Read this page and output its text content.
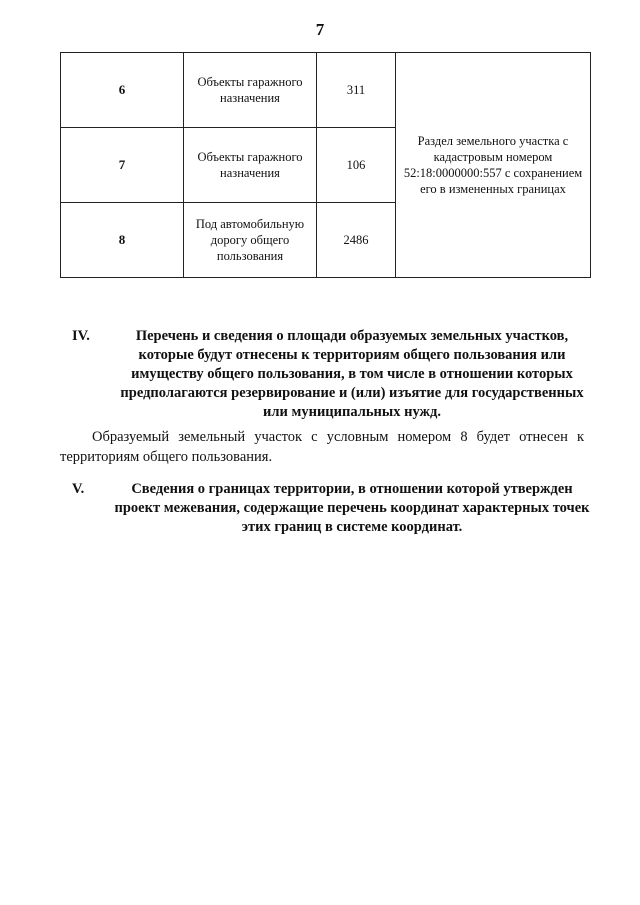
7
6	Объекты гаражного назначения	311	Раздел земельного участка с кадастровым номером 52:18:0000000:557 с сохранением его в измененных границах
7	Объекты гаражного назначения	106	
8	Под автомобильную дорогу общего пользования	2486	
IV.	Перечень и сведения о площади образуемых земельных участков, которые будут отнесены к территориям общего пользования или имуществу общего пользования, в том числе в отношении которых предполагаются резервирование и (или) изъятие для государственных или муниципальных нужд.
Образуемый земельный участок с условным номером 8 будет отнесен к территориям общего пользования.
V.	Сведения о границах территории, в отношении которой утвержден проект межевания, содержащие перечень координат характерных точек этих границ в системе координат.
